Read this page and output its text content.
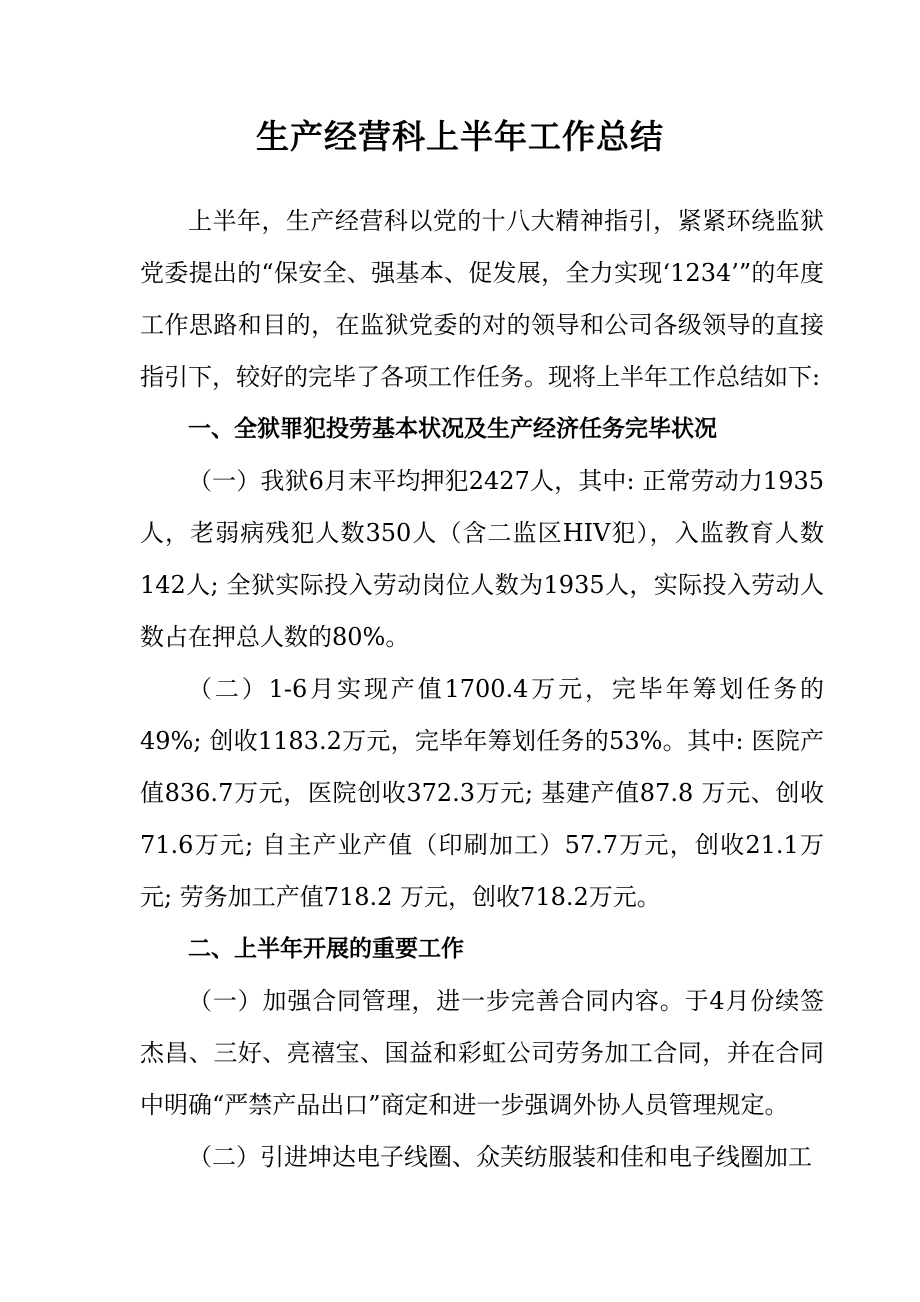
生产经营科上半年工作总结

上半年，生产经营科以党的十八大精神指引，紧紧环绕监狱党委提出的“保安全、强基本、促发展，全力实现‘1234’”的年度工作思路和目的，在监狱党委的对的领导和公司各级领导的直接指引下，较好的完毕了各项工作任务。现将上半年工作总结如下:

一、全狱罪犯投劳基本状况及生产经济任务完毕状况

（一）我狱6月末平均押犯2427人，其中: 正常劳动力1935人，老弱病残犯人数350人（含二监区HIV犯），入监教育人数142人; 全狱实际投入劳动岗位人数为1935人，实际投入劳动人数占在押总人数的80%。

（二）1-6月实现产值1700.4万元，完毕年筹划任务的49%; 创收1183.2万元，完毕年筹划任务的53%。其中: 医院产值836.7万元，医院创收372.3万元; 基建产值87.8 万元、创收71.6万元; 自主产业产值（印刷加工）57.7万元，创收21.1万元; 劳务加工产值718.2 万元，创收718.2万元。

二、上半年开展的重要工作

（一）加强合同管理，进一步完善合同内容。于4月份续签杰昌、三好、亮禧宝、国益和彩虹公司劳务加工合同，并在合同中明确“严禁产品出口”商定和进一步强调外协人员管理规定。

（二）引进坤达电子线圈、众芙纺服装和佳和电子线圈加工
